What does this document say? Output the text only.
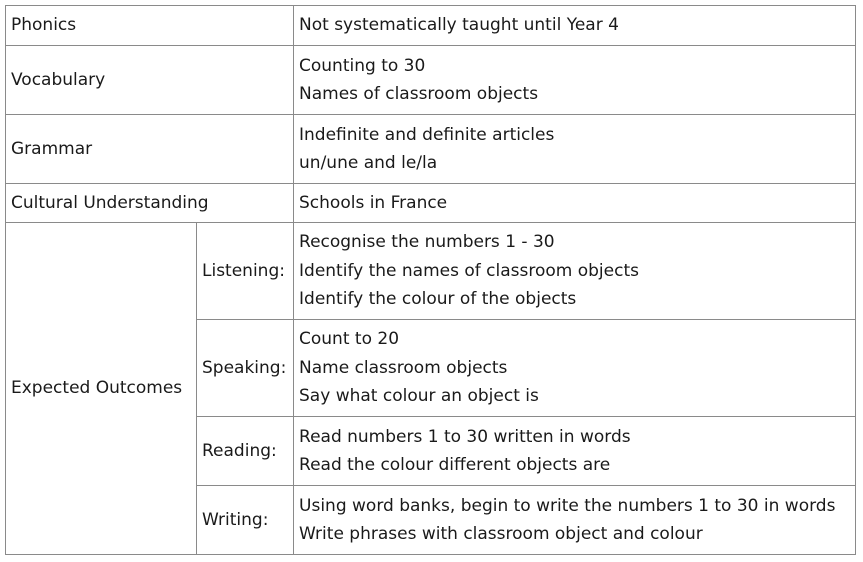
Phonics		Not systematically taught until Year 4

Vocabulary		Counting to 30
Names of classroom objects

Grammar		Indefinite and definite articles
un/une and le/la

Cultural Understanding		Schools in France

Expected Outcomes	Listening:	Recognise the numbers 1 - 30
Identify the names of classroom objects
Identify the colour of the objects

	Speaking:	Count to 20
Name classroom objects
Say what colour an object is

	Reading:	Read numbers 1 to 30 written in words
Read the colour different objects are

	Writing:	Using word banks, begin to write the numbers 1 to 30 in words
Write phrases with classroom object and colour
